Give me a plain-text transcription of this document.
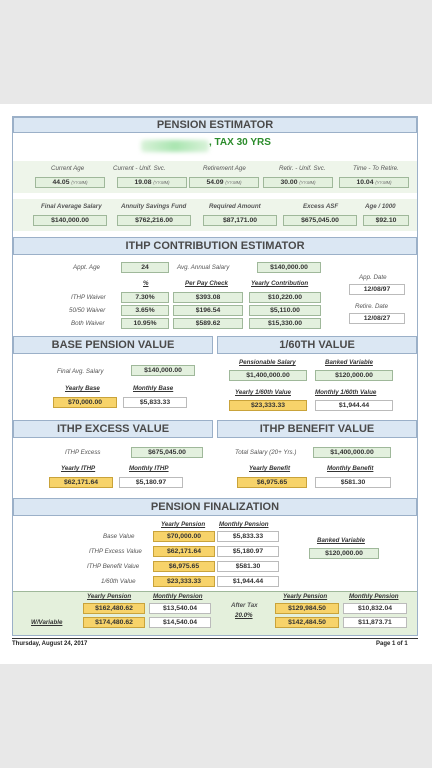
PENSION ESTIMATOR
, TAX 30 YRS
Current Age
44.05 (YY.MM)
Current - Unif. Svc.
19.08 (YY.MM)
Retirement Age
54.09 (YY.MM)
Retir. - Unif. Svc.
30.00 (YY.MM)
Time - To Retire.
10.04 (YY.MM)
Final Average Salary
$140,000.00
Annuity Savings Fund
$762,216.00
Required Amount
$87,171.00
Excess ASF
$675,045.00
Age / 1000
$92.10
ITHP CONTRIBUTION ESTIMATOR
Appt. Age	24	Avg. Annual Salary	$140,000.00
%	Per Pay Check	Yearly Contribution
ITHP Waiver	7.30%	$393.08	$10,220.00
50/50 Waiver	3.65%	$196.54	$5,110.00
Both Waiver	10.95%	$589.62	$15,330.00
App. Date
12/08/97
Retire. Date
12/08/27
BASE PENSION VALUE
Final Avg. Salary	$140,000.00
Yearly Base	Monthly Base
$70,000.00	$5,833.33
1/60TH VALUE
Pensionable Salary	Banked Variable
$1,400,000.00	$120,000.00
Yearly 1/60th Value	Monthly 1/60th Value
$23,333.33	$1,944.44
ITHP EXCESS VALUE
ITHP Excess	$675,045.00
Yearly ITHP	Monthly ITHP
$62,171.64	$5,180.97
ITHP BENEFIT VALUE
Total Salary (20+ Yrs.)	$1,400,000.00
Yearly Benefit	Monthly Benefit
$6,975.65	$581.30
PENSION FINALIZATION
Yearly Pension Monthly Pension
Base Value	$70,000.00	$5,833.33
ITHP Excess Value	$62,171.64	$5,180.97
ITHP Benefit Value	$6,975.65	$581.30
1/60th Value	$23,333.33	$1,944.44
Banked Variable
$120,000.00
Yearly Pension	Monthly Pension
$162,480.62	$13,540.04
$174,480.62	$14,540.04
W/Variable
After Tax
20.0%
Yearly Pension	Monthly Pension
$129,984.50	$10,832.04
$142,484.50	$11,873.71
Thursday, August 24, 2017	Page 1 of 1
